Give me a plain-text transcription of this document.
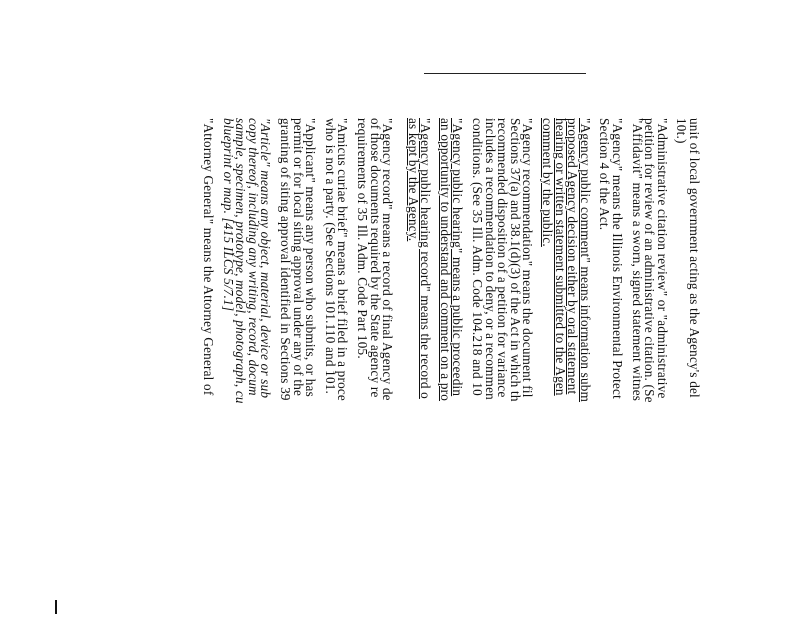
unit of local government acting as the Agency's del
10t.)
"Administrative citation review" or "administrative
petition for review of an administrative citation. (Se
"Affidavit" means a sworn, signed statement witnes
"Agency" means the Illinois Environmental Protect
Section 4 of the Act.
"Agency public comment" means information subm
proposed Agency decision either by oral statement
hearing or written statement submitted to the Agen
comment by the public.
"Agency recommendation" means the document fil
Sections 37(a) and 38.1(d)(3) of the Act in which th
recommended disposition of a petition for variance
includes a recommendation to deny, or a recommen
conditions. (See 35 Ill. Adm. Code 104.218 and 10
"Agency public hearing" means a public proceedin
an opportunity to understand and comment on a pro
"Agency public hearing record" means the record o
as kept by the Agency.
"Agency record" means a record of final Agency de
of those documents required by the State agency re
requirements of 35 Ill. Adm. Code Part 105.
"Amicus curiae brief" means a brief filed in a proce
who is not a party. (See Sections 101.110 and 101.
"Applicant" means any person who submits, or has
permit or for local siting approval under any of the
granting of siting approval identified in Sections 39
"Article" means any object, material, device or sub
copy thereof, including any writing, record, docum
sample, specimen, prototype, model, photograph, cu
blueprint or map. [415 ILCS 5/7.1]
"Attorney General" means the Attorney General of
